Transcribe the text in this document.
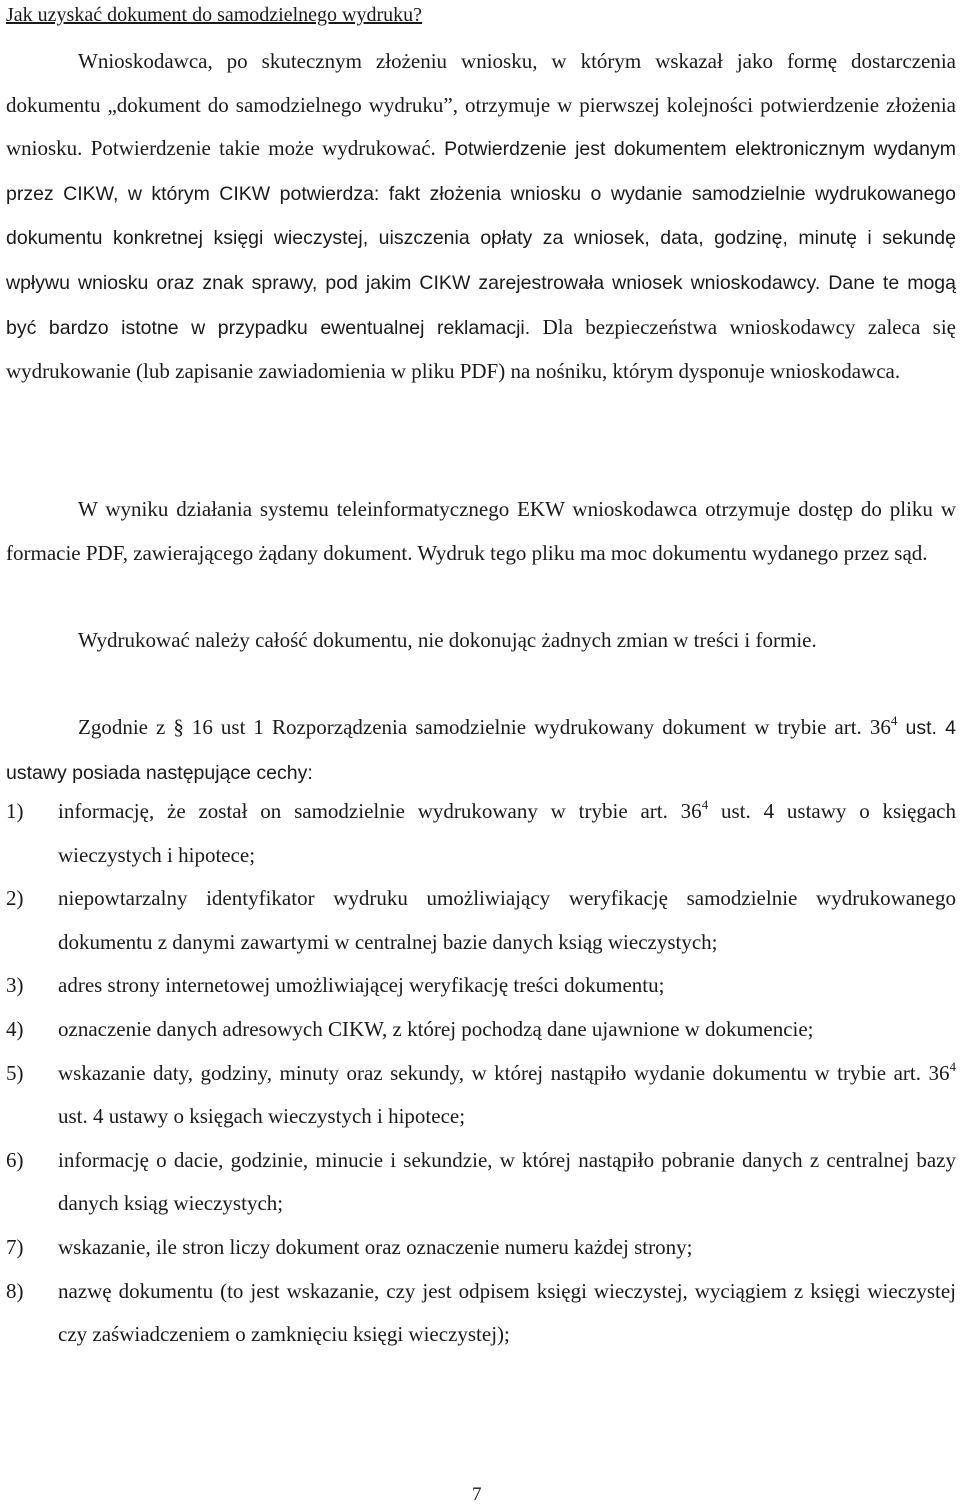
Jak uzyskać dokument do samodzielnego wydruku?

Wnioskodawca, po skutecznym złożeniu wniosku, w którym wskazał jako formę dostarczenia dokumentu „dokument do samodzielnego wydruku”, otrzymuje w pierwszej kolejności potwierdzenie złożenia wniosku. Potwierdzenie takie może wydrukować. Potwierdzenie jest dokumentem elektronicznym wydanym przez CIKW, w którym CIKW potwierdza: fakt złożenia wniosku o wydanie samodzielnie wydrukowanego dokumentu konkretnej księgi wieczystej, uiszczenia opłaty za wniosek, data, godzinę, minutę i sekundę wpływu wniosku oraz znak sprawy, pod jakim CIKW zarejestrowała wniosek wnioskodawcy. Dane te mogą być bardzo istotne w przypadku ewentualnej reklamacji. Dla bezpieczeństwa wnioskodawcy zaleca się wydrukowanie (lub zapisanie zawiadomienia w pliku PDF) na nośniku, którym dysponuje wnioskodawca.

W wyniku działania systemu teleinformatycznego EKW wnioskodawca otrzymuje dostęp do pliku w formacie PDF, zawierającego żądany dokument. Wydruk tego pliku ma moc dokumentu wydanego przez sąd.

Wydrukować należy całość dokumentu, nie dokonując żadnych zmian w treści i formie.

Zgodnie z § 16 ust 1 Rozporządzenia samodzielnie wydrukowany dokument w trybie art. $36^4$ ust. 4 ustawy posiada następujące cechy:

1) informację, że został on samodzielnie wydrukowany w trybie art. $36^4$ ust. 4 ustawy o księgach wieczystych i hipotece;
2) niepowtarzalny identyfikator wydruku umożliwiający weryfikację samodzielnie wydrukowanego dokumentu z danymi zawartymi w centralnej bazie danych ksiąg wieczystych;
3) adres strony internetowej umożliwiającej weryfikację treści dokumentu;
4) oznaczenie danych adresowych CIKW, z której pochodzą dane ujawnione w dokumencie;
5) wskazanie daty, godziny, minuty oraz sekundy, w której nastąpiło wydanie dokumentu w trybie art. $36^4$ ust. 4 ustawy o księgach wieczystych i hipotece;
6) informację o dacie, godzinie, minucie i sekundzie, w której nastąpiło pobranie danych z centralnej bazy danych ksiąg wieczystych;
7) wskazanie, ile stron liczy dokument oraz oznaczenie numeru każdej strony;
8) nazwę dokumentu (to jest wskazanie, czy jest odpisem księgi wieczystej, wyciągiem z księgi wieczystej czy zaświadczeniem o zamknięciu księgi wieczystej);
7
